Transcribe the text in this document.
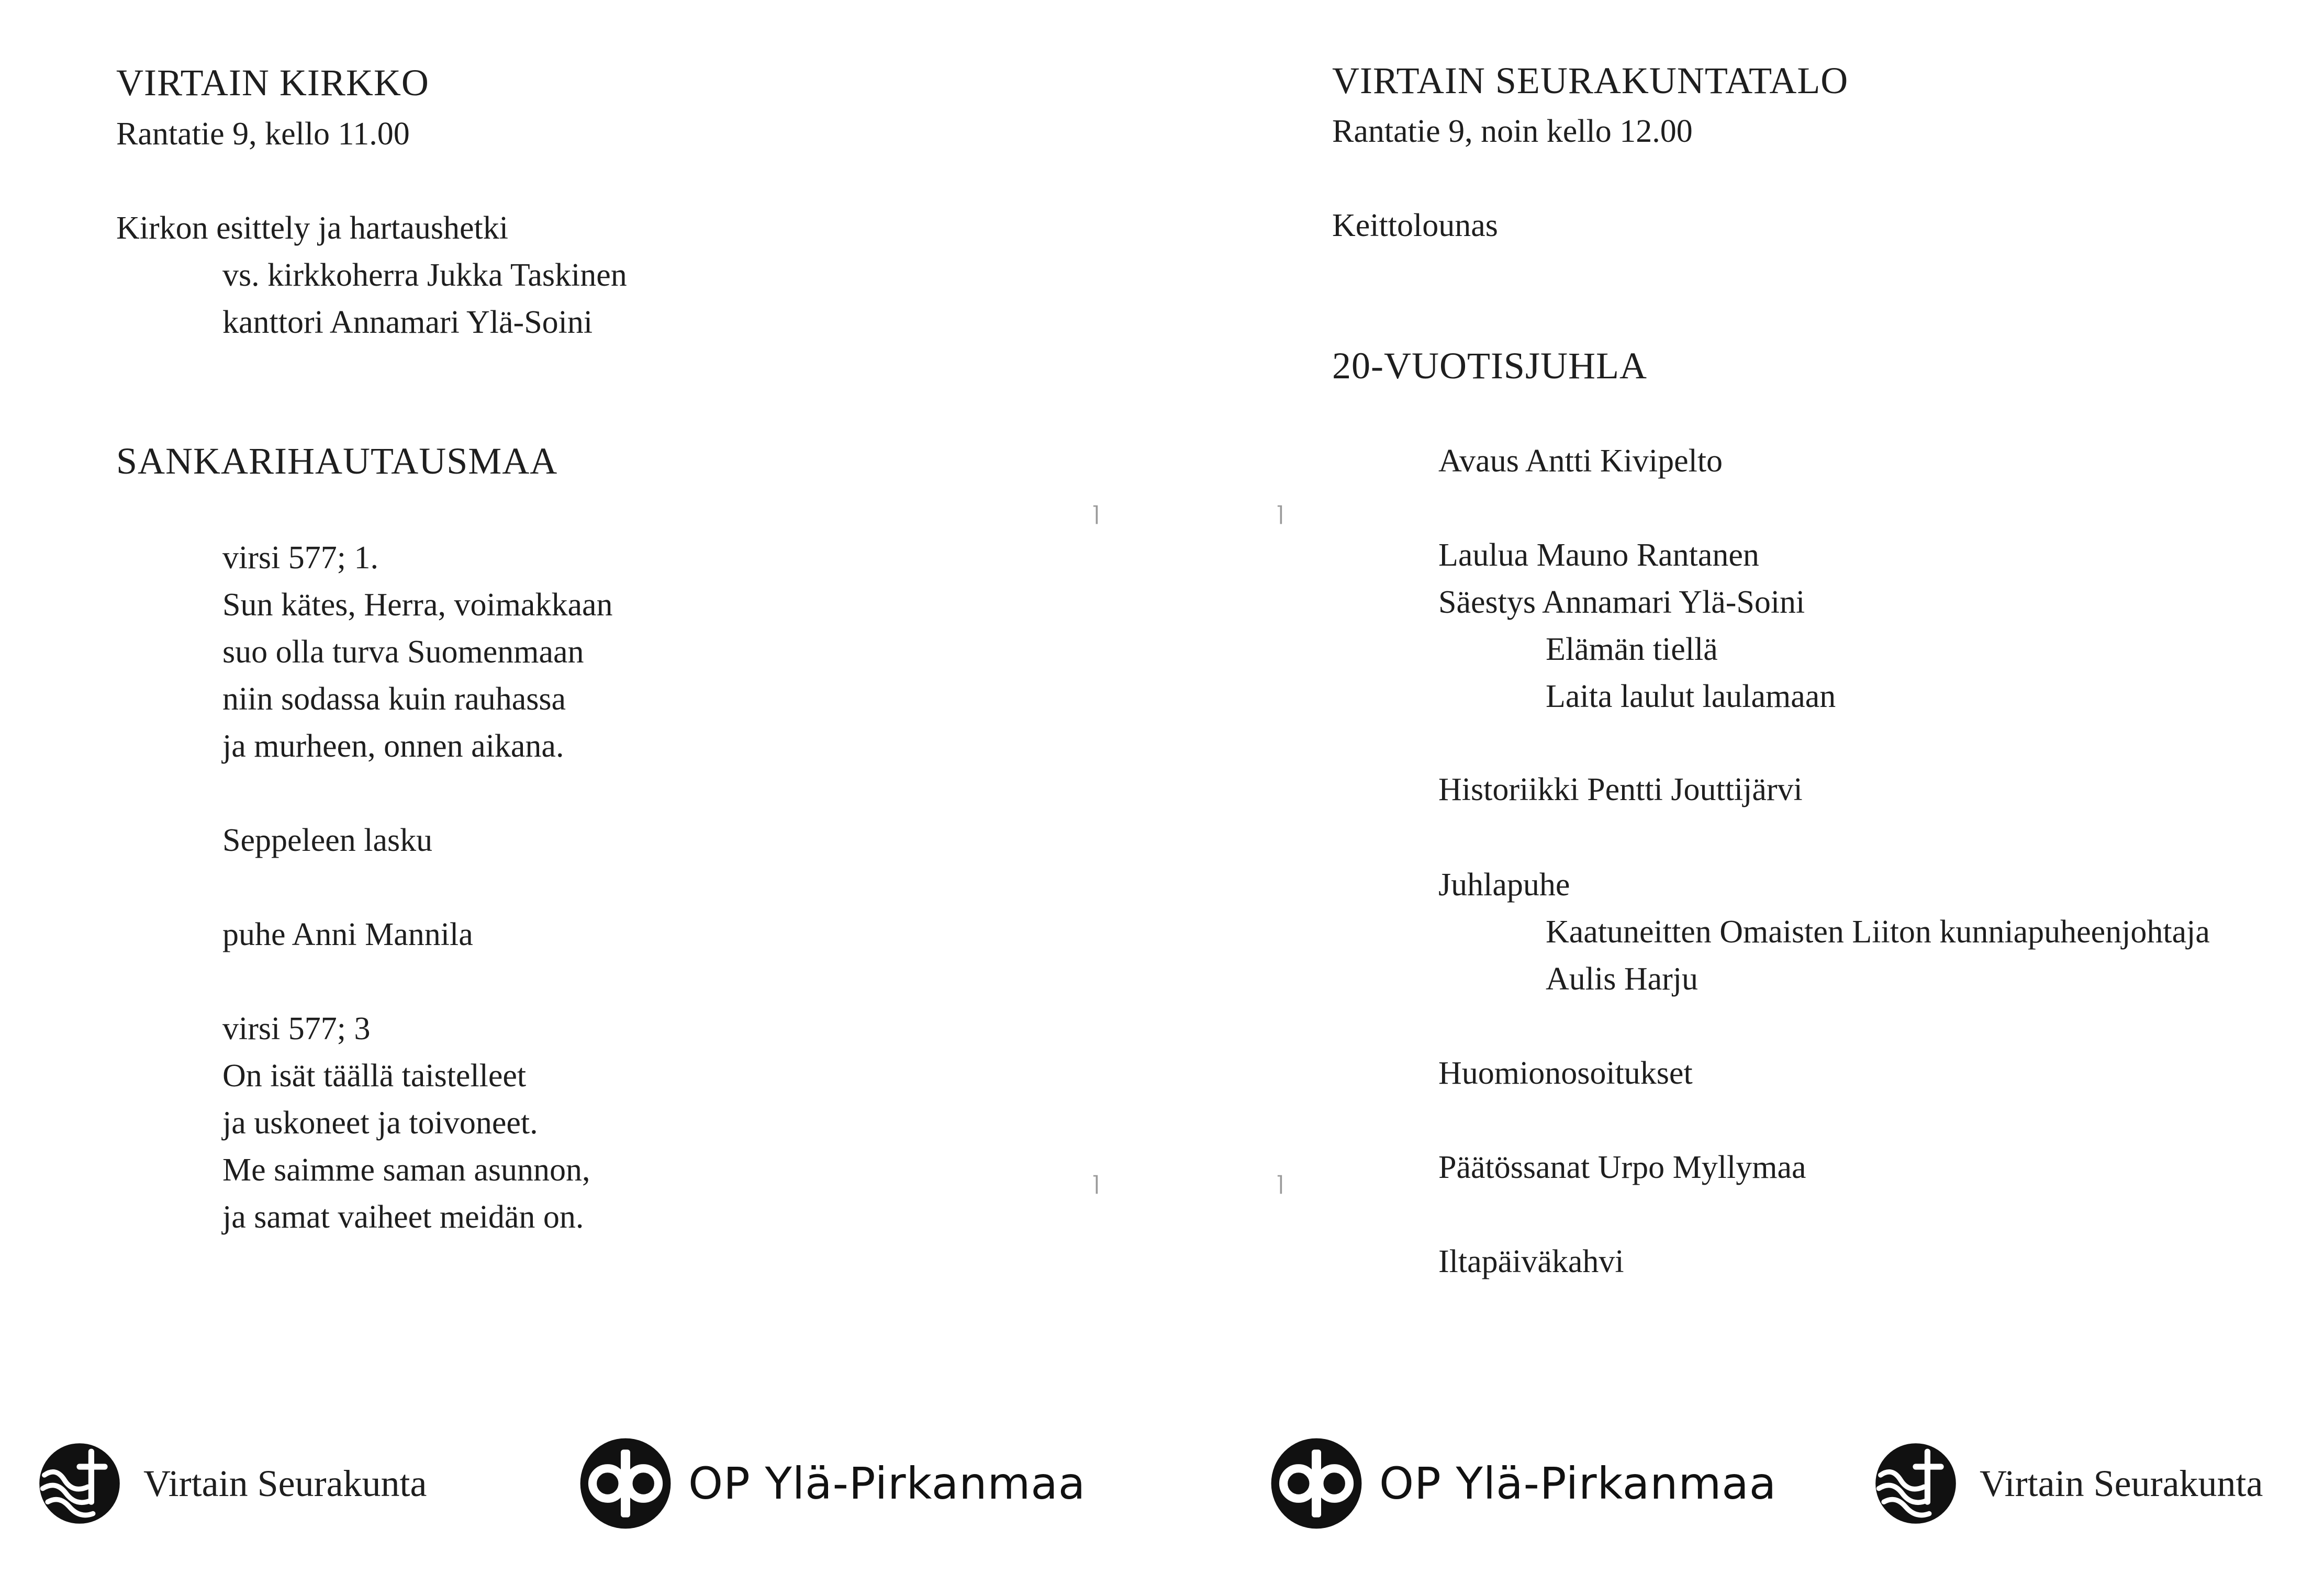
VIRTAIN KIRKKO
Rantatie 9, kello 11.00
Kirkon esittely ja hartaushetki
vs. kirkkoherra Jukka Taskinen
kanttori Annamari Ylä-Soini
SANKARIHAUTAUSMAA
virsi 577; 1.
Sun kätes, Herra, voimakkaan
suo olla turva Suomenmaan
niin sodassa kuin rauhassa
ja murheen, onnen aikana.
Seppeleen lasku
puhe Anni Mannila
virsi 577; 3
On isät täällä taistelleet
ja uskoneet ja toivoneet.
Me saimme saman asunnon,
ja samat vaiheet meidän on.
VIRTAIN SEURAKUNTATALO
Rantatie 9, noin kello 12.00
Keittolounas
20-VUOTISJUHLA
Avaus Antti Kivipelto
Laulua Mauno Rantanen
Säestys Annamari Ylä-Soini
Elämän tiellä
Laita laulut laulamaan
Historiikki Pentti Jouttijärvi
Juhlapuhe
Kaatuneitten Omaisten Liiton kunniapuheenjohtaja
Aulis Harju
Huomionosoitukset
Päätössanat Urpo Myllymaa
Iltapäiväkahvi
⌉	⌉
⌉	⌉
Virtain Seurakunta	OP Ylä-Pirkanmaa	OP Ylä-Pirkanmaa	Virtain Seurakunta
